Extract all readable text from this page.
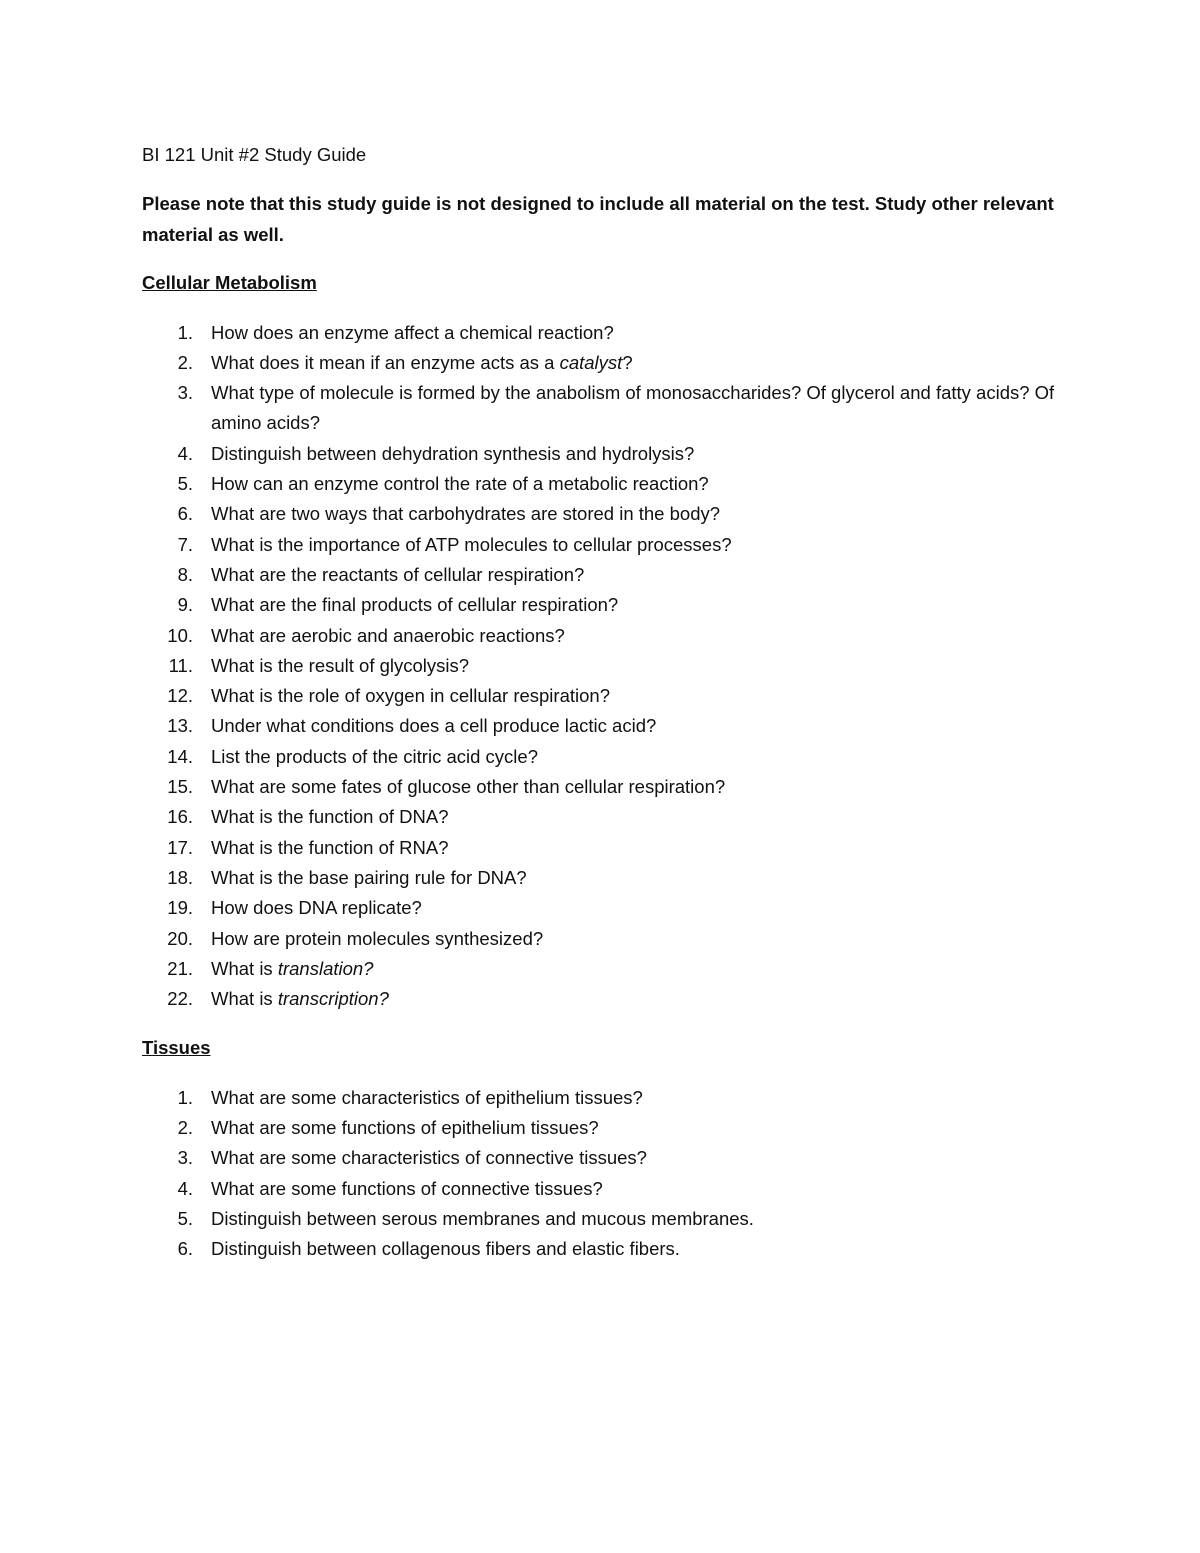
BI 121 Unit #2 Study Guide

Please note that this study guide is not designed to include all material on the test. Study other relevant material as well.

Cellular Metabolism

1. How does an enzyme affect a chemical reaction?
2. What does it mean if an enzyme acts as a catalyst?
3. What type of molecule is formed by the anabolism of monosaccharides? Of glycerol and fatty acids? Of amino acids?
4. Distinguish between dehydration synthesis and hydrolysis?
5. How can an enzyme control the rate of a metabolic reaction?
6. What are two ways that carbohydrates are stored in the body?
7. What is the importance of ATP molecules to cellular processes?
8. What are the reactants of cellular respiration?
9. What are the final products of cellular respiration?
10. What are aerobic and anaerobic reactions?
11. What is the result of glycolysis?
12. What is the role of oxygen in cellular respiration?
13. Under what conditions does a cell produce lactic acid?
14. List the products of the citric acid cycle?
15. What are some fates of glucose other than cellular respiration?
16. What is the function of DNA?
17. What is the function of RNA?
18. What is the base pairing rule for DNA?
19. How does DNA replicate?
20. How are protein molecules synthesized?
21. What is translation?
22. What is transcription?

Tissues

1. What are some characteristics of epithelium tissues?
2. What are some functions of epithelium tissues?
3. What are some characteristics of connective tissues?
4. What are some functions of connective tissues?
5. Distinguish between serous membranes and mucous membranes.
6. Distinguish between collagenous fibers and elastic fibers.
